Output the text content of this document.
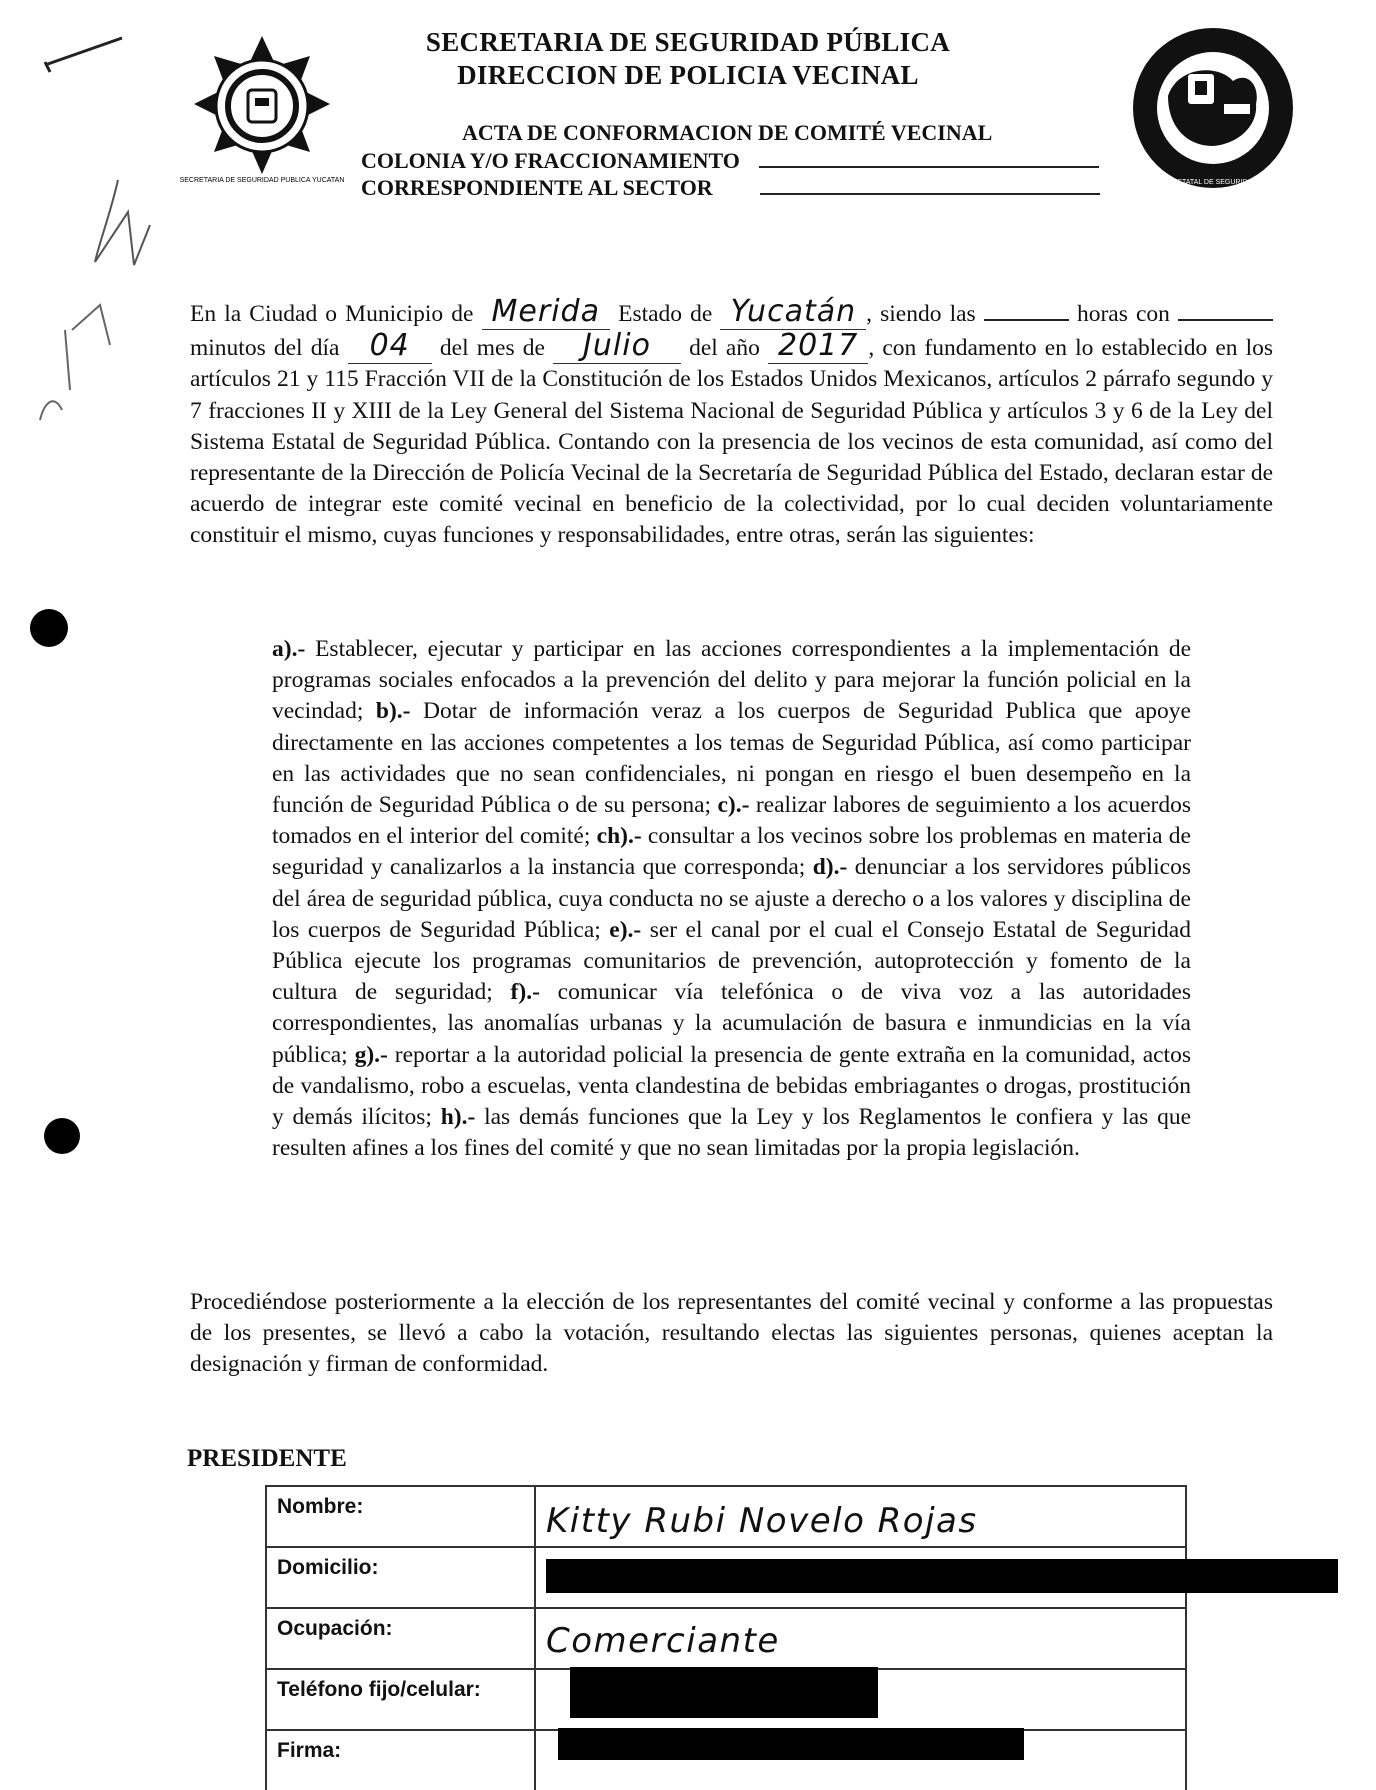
SECRETARIA DE SEGURIDAD PUBLICA YUCATAN	CONSEJO ESTATAL DE SEGURIDAD PUBLICA
SECRETARIA DE SEGURIDAD PÚBLICA
DIRECCION DE POLICIA VECINAL
ACTA DE CONFORMACION DE COMITÉ VECINAL
COLONIA Y/O FRACCIONAMIENTO
CORRESPONDIENTE AL SECTOR
En la Ciudad o Municipio de Merida Estado de Yucatán , siendo las	horas con  minutos del día 04 del mes de Julio del año 2017 , con fundamento en lo establecido en los artículos 21 y 115 Fracción VII de la Constitución de los Estados Unidos Mexicanos, artículos 2 párrafo segundo y 7 fracciones II y XIII de la Ley General del Sistema Nacional de Seguridad Pública y artículos 3 y 6 de la Ley del Sistema Estatal de Seguridad Pública. Contando con la presencia de los vecinos de esta comunidad, así como del representante de la Dirección de Policía Vecinal de la Secretaría de Seguridad Pública del Estado, declaran estar de acuerdo de integrar este comité vecinal en beneficio de la colectividad, por lo cual deciden voluntariamente constituir el mismo, cuyas funciones y responsabilidades, entre otras, serán las siguientes:
a).- Establecer, ejecutar y participar en las acciones correspondientes a la implementación de programas sociales enfocados a la prevención del delito y para mejorar la función policial en la vecindad; b).- Dotar de información veraz a los cuerpos de Seguridad Publica que apoye directamente en las acciones competentes a los temas de Seguridad Pública, así como participar en las actividades que no sean confidenciales, ni pongan en riesgo el buen desempeño en la función de Seguridad Pública o de su persona; c).- realizar labores de seguimiento a los acuerdos tomados en el interior del comité; ch).- consultar a los vecinos sobre los problemas en materia de seguridad y canalizarlos a la instancia que corresponda; d).- denunciar a los servidores públicos del área de seguridad pública, cuya conducta no se ajuste a derecho o a los valores y disciplina de los cuerpos de Seguridad Pública; e).- ser el canal por el cual el Consejo Estatal de Seguridad Pública ejecute los programas comunitarios de prevención, autoprotección y fomento de la cultura de seguridad; f).- comunicar vía telefónica o de viva voz a las autoridades correspondientes, las anomalías urbanas y la acumulación de basura e inmundicias en la vía pública; g).- reportar a la autoridad policial la presencia de gente extraña en la comunidad, actos de vandalismo, robo a escuelas, venta clandestina de bebidas embriagantes o drogas, prostitución y demás ilícitos; h).- las demás funciones que la Ley y los Reglamentos le confiera y las que resulten afines a los fines del comité y que no sean limitadas por la propia legislación.
Procediéndose posteriormente a la elección de los representantes del comité vecinal y conforme a las propuestas de los presentes, se llevó a cabo la votación, resultando electas las siguientes personas, quienes aceptan la designación y firman de conformidad.
PRESIDENTE
Nombre:	Kitty Rubi Novelo Rojas

Domicilio:	
Ocupación:	Comerciante

Teléfono fijo/celular:	
Firma:	
